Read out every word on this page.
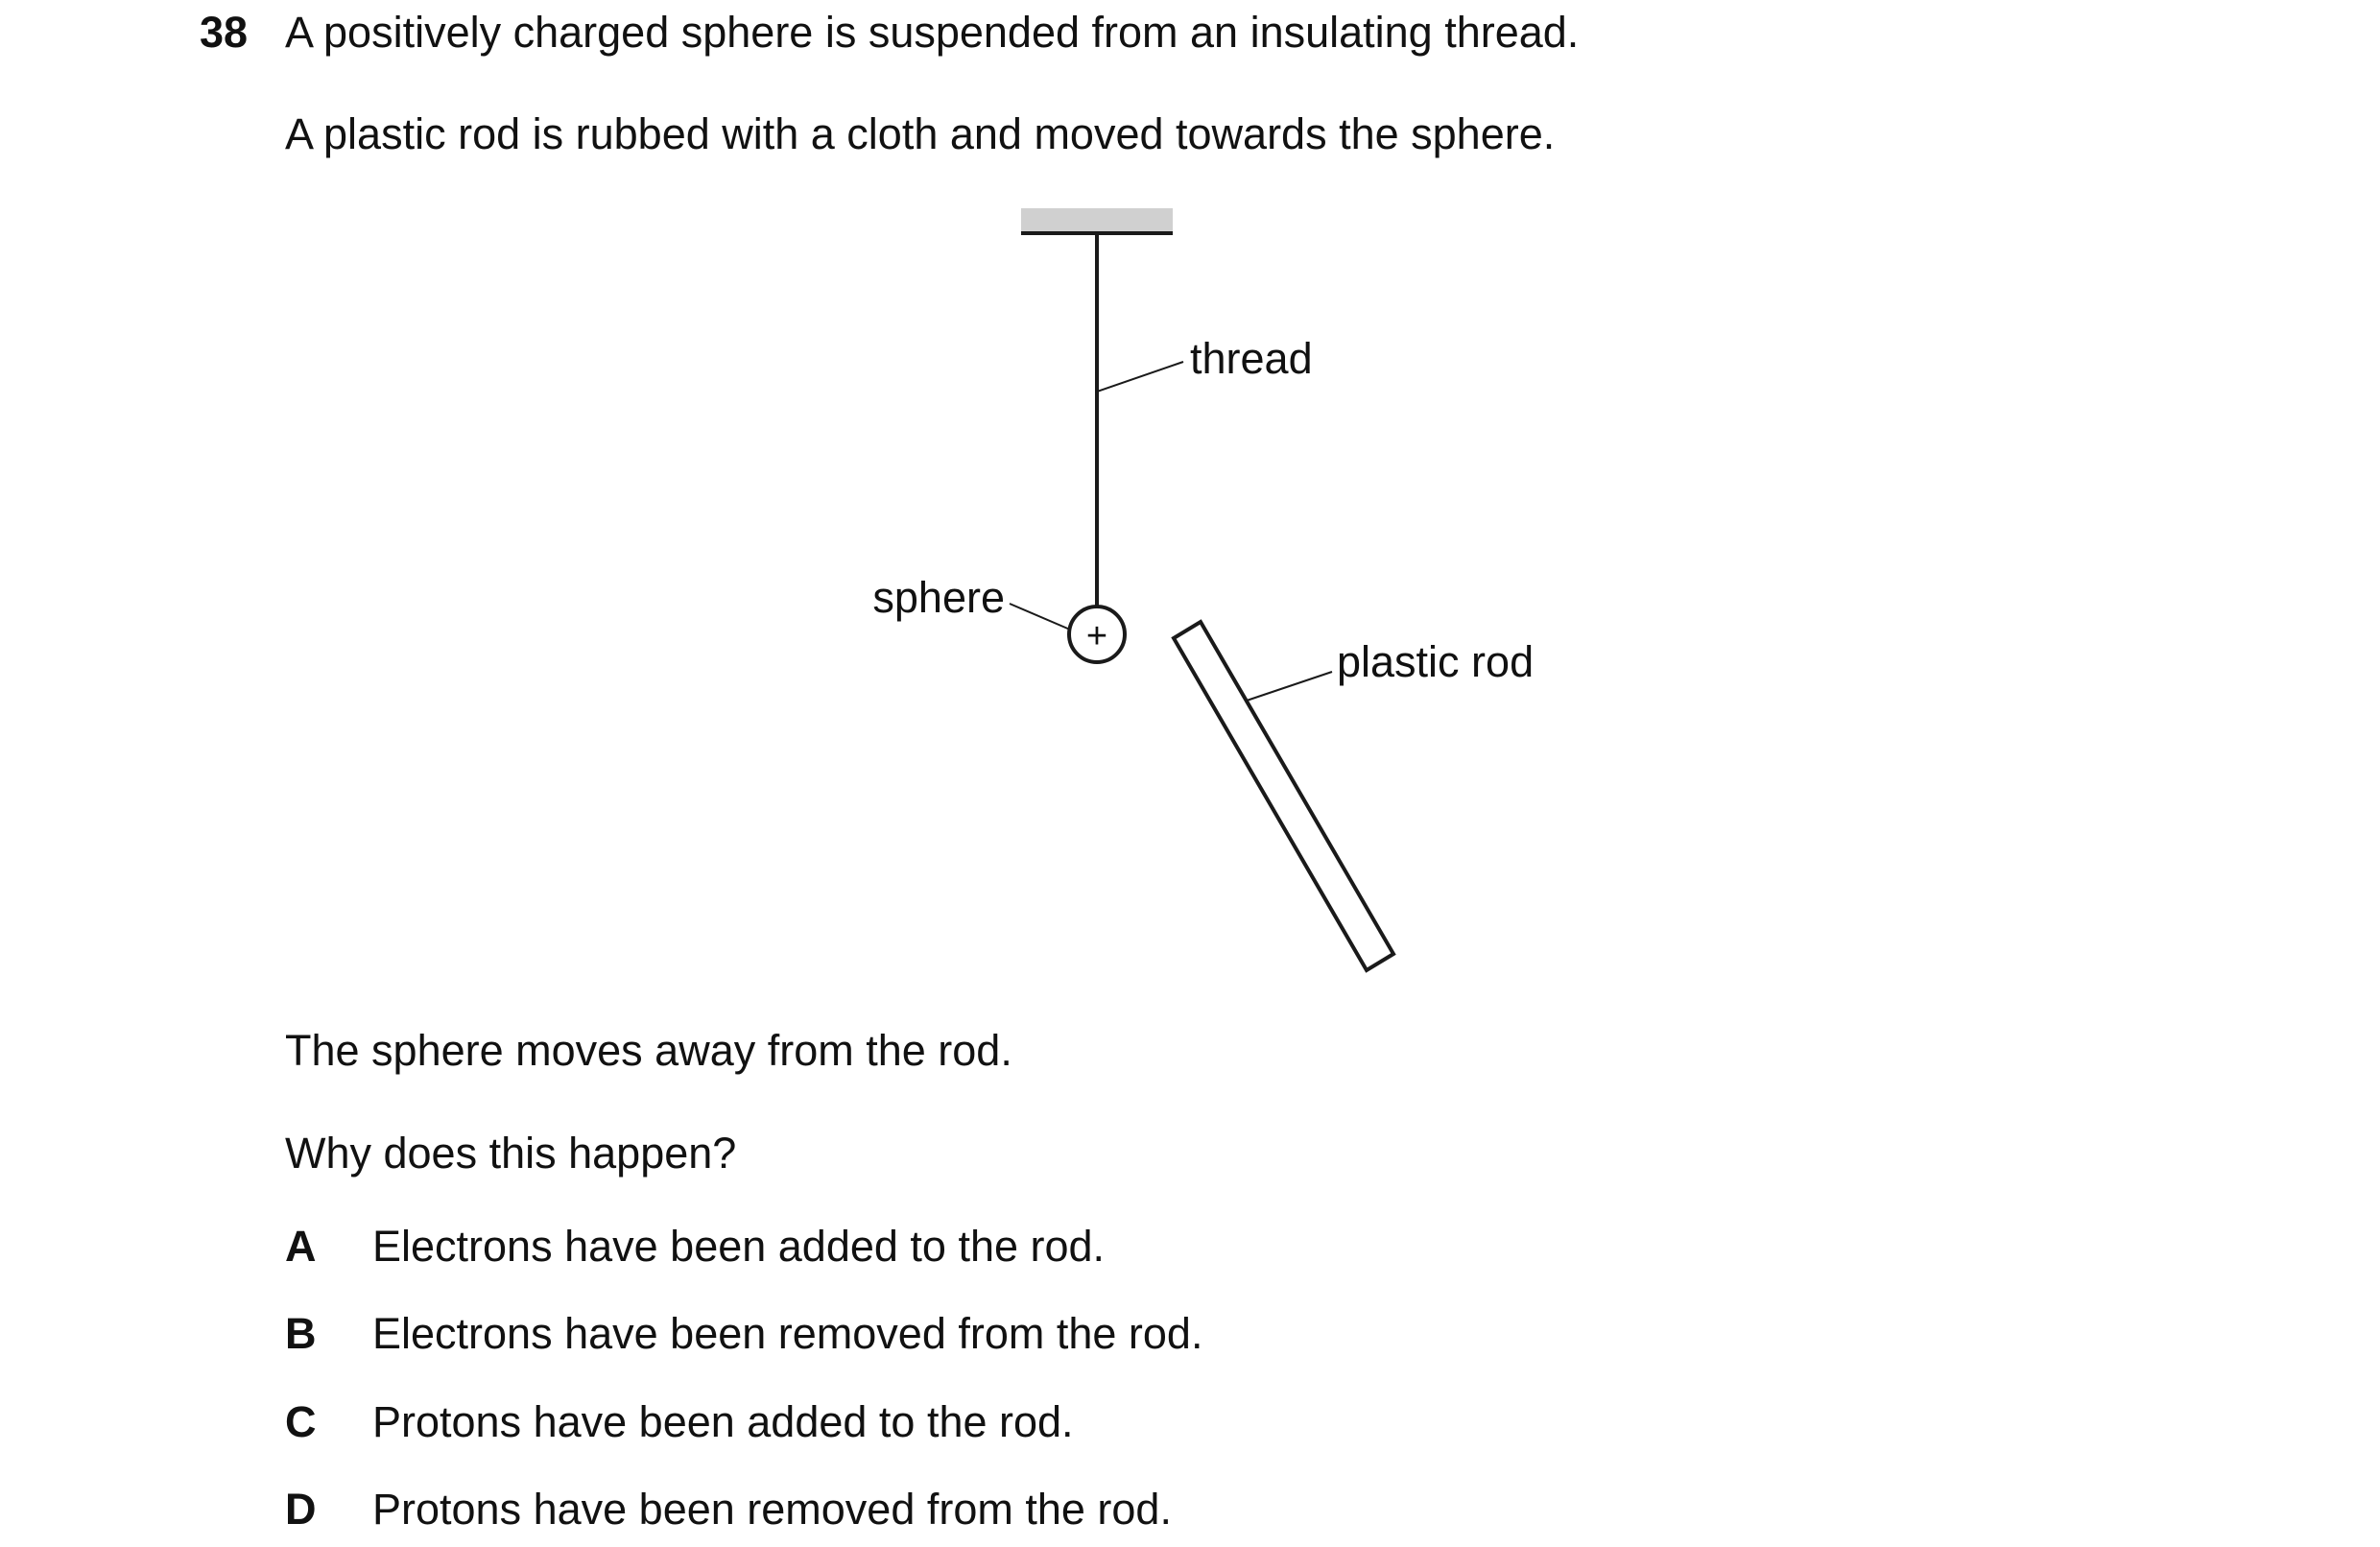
38 A positively charged sphere is suspended from an insulating thread.
A plastic rod is rubbed with a cloth and moved towards the sphere.
thread
+
sphere
plastic rod
The sphere moves away from the rod.
Why does this happen?
A Electrons have been added to the rod.
B Electrons have been removed from the rod.
C Protons have been added to the rod.
D Protons have been removed from the rod.
